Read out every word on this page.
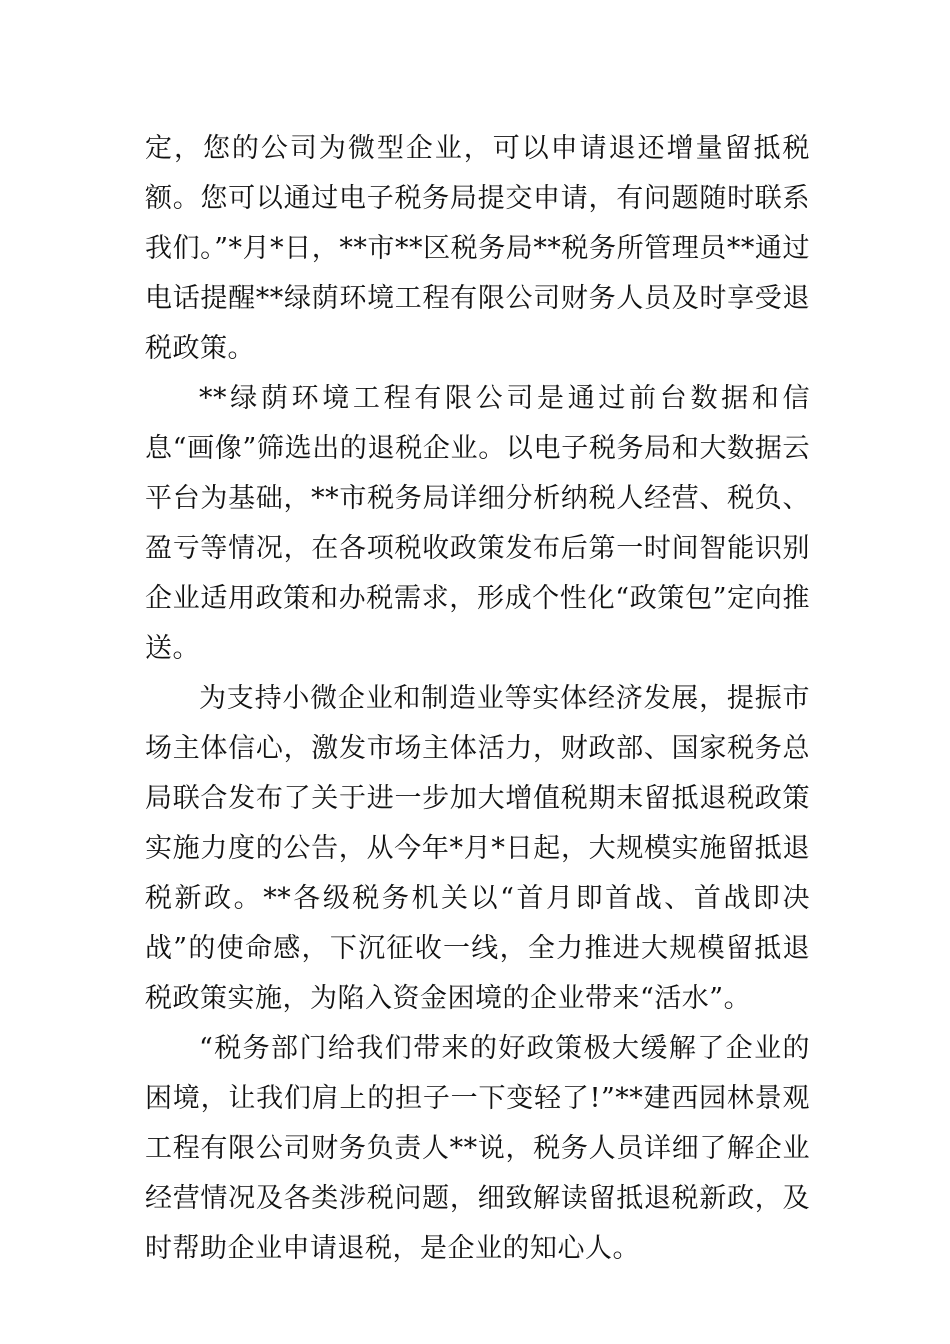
定，您的公司为微型企业，可以申请退还增量留抵税额。您可以通过电子税务局提交申请，有问题随时联系我们。”*月*日，**市**区税务局**税务所管理员**通过电话提醒**绿荫环境工程有限公司财务人员及时享受退税政策。

**绿荫环境工程有限公司是通过前台数据和信息“画像”筛选出的退税企业。以电子税务局和大数据云平台为基础，**市税务局详细分析纳税人经营、税负、盈亏等情况，在各项税收政策发布后第一时间智能识别企业适用政策和办税需求，形成个性化“政策包”定向推送。

为支持小微企业和制造业等实体经济发展，提振市场主体信心，激发市场主体活力，财政部、国家税务总局联合发布了关于进一步加大增值税期末留抵退税政策实施力度的公告，从今年*月*日起，大规模实施留抵退税新政。**各级税务机关以“首月即首战、首战即决战”的使命感，下沉征收一线，全力推进大规模留抵退税政策实施，为陷入资金困境的企业带来“活水”。

“税务部门给我们带来的好政策极大缓解了企业的困境，让我们肩上的担子一下变轻了!”**建西园林景观工程有限公司财务负责人**说，税务人员详细了解企业经营情况及各类涉税问题，细致解读留抵退税新政，及时帮助企业申请退税，是企业的知心人。
